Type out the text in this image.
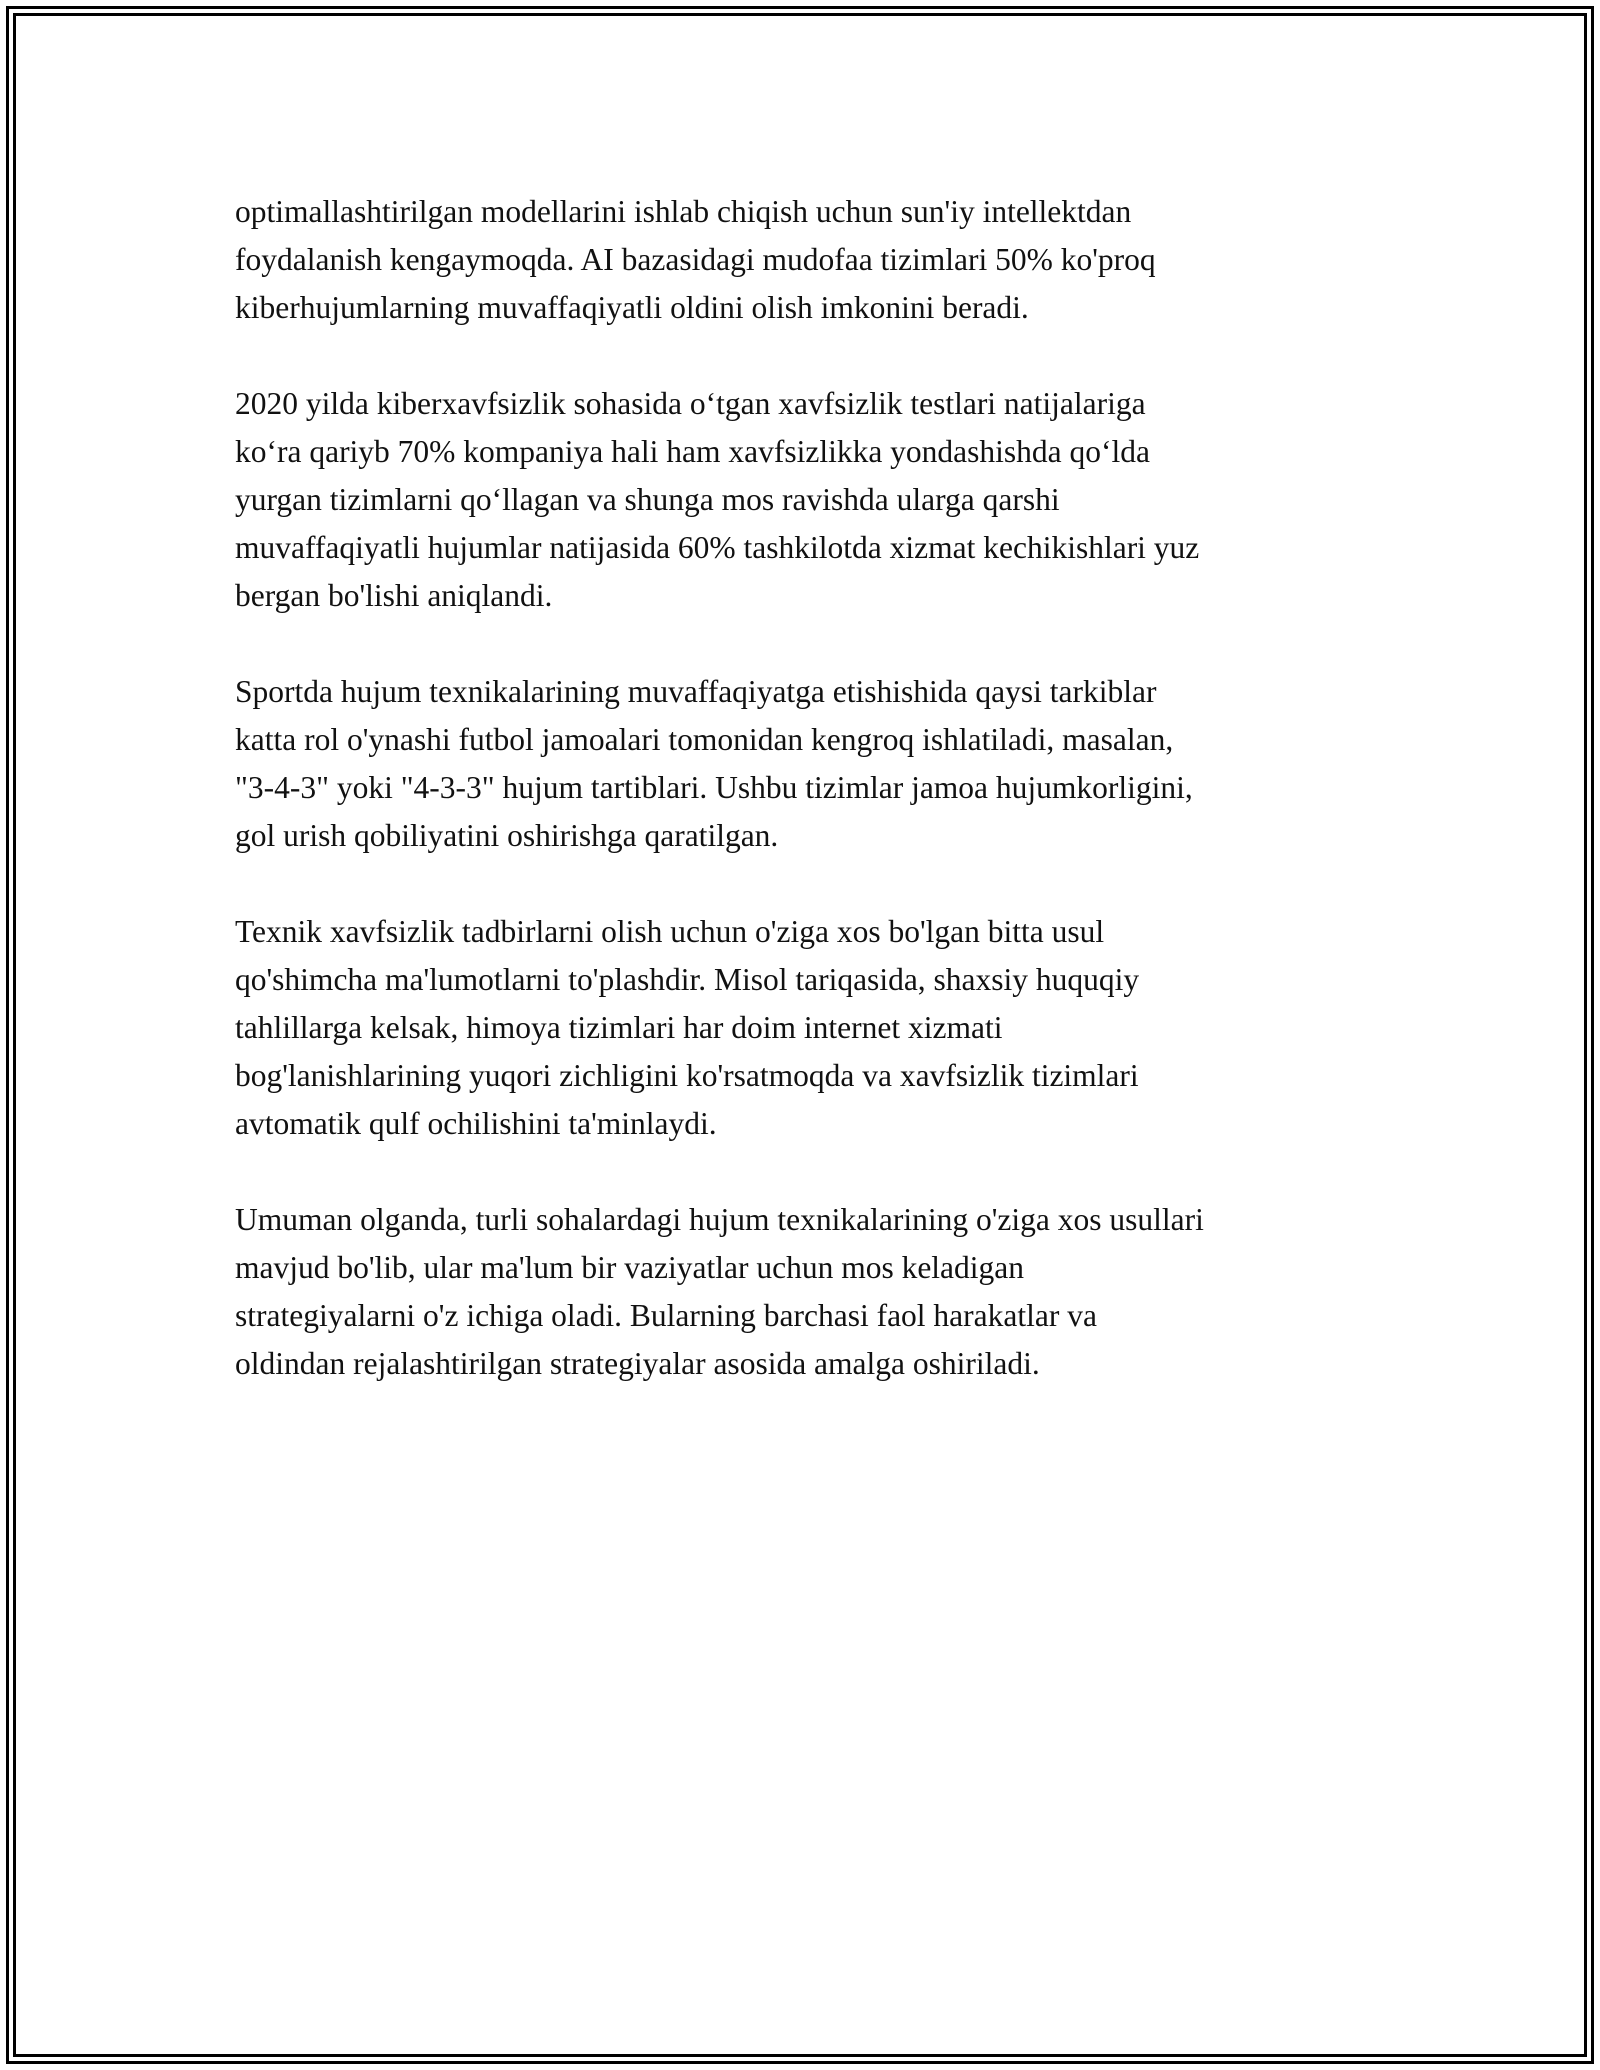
optimallashtirilgan modellarini ishlab chiqish uchun sun'iy intellektdan
foydalanish kengaymoqda. AI bazasidagi mudofaa tizimlari 50% ko'proq
kiberhujumlarning muvaffaqiyatli oldini olish imkonini beradi.

2020 yilda kiberxavfsizlik sohasida o‘tgan xavfsizlik testlari natijalariga
ko‘ra qariyb 70% kompaniya hali ham xavfsizlikka yondashishda qo‘lda
yurgan tizimlarni qo‘llagan va shunga mos ravishda ularga qarshi
muvaffaqiyatli hujumlar natijasida 60% tashkilotda xizmat kechikishlari yuz
bergan bo'lishi aniqlandi.

Sportda hujum texnikalarining muvaffaqiyatga etishishida qaysi tarkiblar
katta rol o'ynashi futbol jamoalari tomonidan kengroq ishlatiladi, masalan,
"3-4-3" yoki "4-3-3" hujum tartiblari. Ushbu tizimlar jamoa hujumkorligini,
gol urish qobiliyatini oshirishga qaratilgan.

Texnik xavfsizlik tadbirlarni olish uchun o'ziga xos bo'lgan bitta usul
qo'shimcha ma'lumotlarni to'plashdir. Misol tariqasida, shaxsiy huquqiy
tahlillarga kelsak, himoya tizimlari har doim internet xizmati
bog'lanishlarining yuqori zichligini ko'rsatmoqda va xavfsizlik tizimlari
avtomatik qulf ochilishini ta'minlaydi.

Umuman olganda, turli sohalardagi hujum texnikalarining o'ziga xos usullari
mavjud bo'lib, ular ma'lum bir vaziyatlar uchun mos keladigan
strategiyalarni o'z ichiga oladi. Bularning barchasi faol harakatlar va
oldindan rejalashtirilgan strategiyalar asosida amalga oshiriladi.
